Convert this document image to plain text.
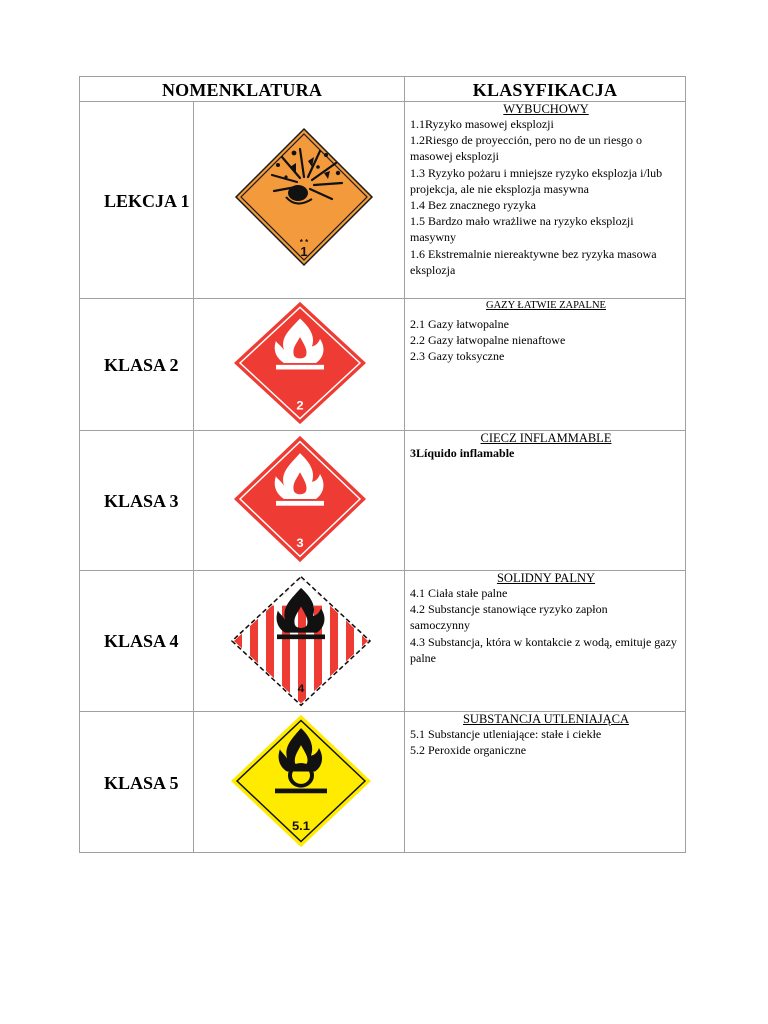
NOMENKLATURA	KLASYFIKACJA
LEKCJA 1
* *
1
WYBUCHOWY
1.1Ryzyko masowej eksplozji
1.2Riesgo de proyección, pero no de un riesgo o masowej eksplozji
1.3 Ryzyko pożaru i mniejsze ryzyko eksplozja i/lub projekcja, ale nie eksplozja masywna
1.4 Bez znacznego ryzyka
1.5 Bardzo mało wrażliwe na ryzyko eksplozji masywny
1.6 Ekstremalnie niereaktywne bez ryzyka masowa eksplozja
KLASA 2
2
GAZY ŁATWIE ZAPALNE
2.1 Gazy łatwopalne
2.2 Gazy łatwopalne nienaftowe
2.3 Gazy toksyczne
KLASA 3
3
CIECZ INFLAMMABLE
3Líquido inflamable
KLASA 4
4
SOLIDNY PALNY
4.1 Ciała stałe palne
4.2 Substancje stanowiące ryzyko zapłon samoczynny
4.3 Substancja, która w kontakcie z wodą, emituje gazy palne
KLASA 5
5.1
SUBSTANCJA UTLENIAJĄCA
5.1 Substancje utleniające: stałe i ciekłe
5.2 Peroxide organiczne
